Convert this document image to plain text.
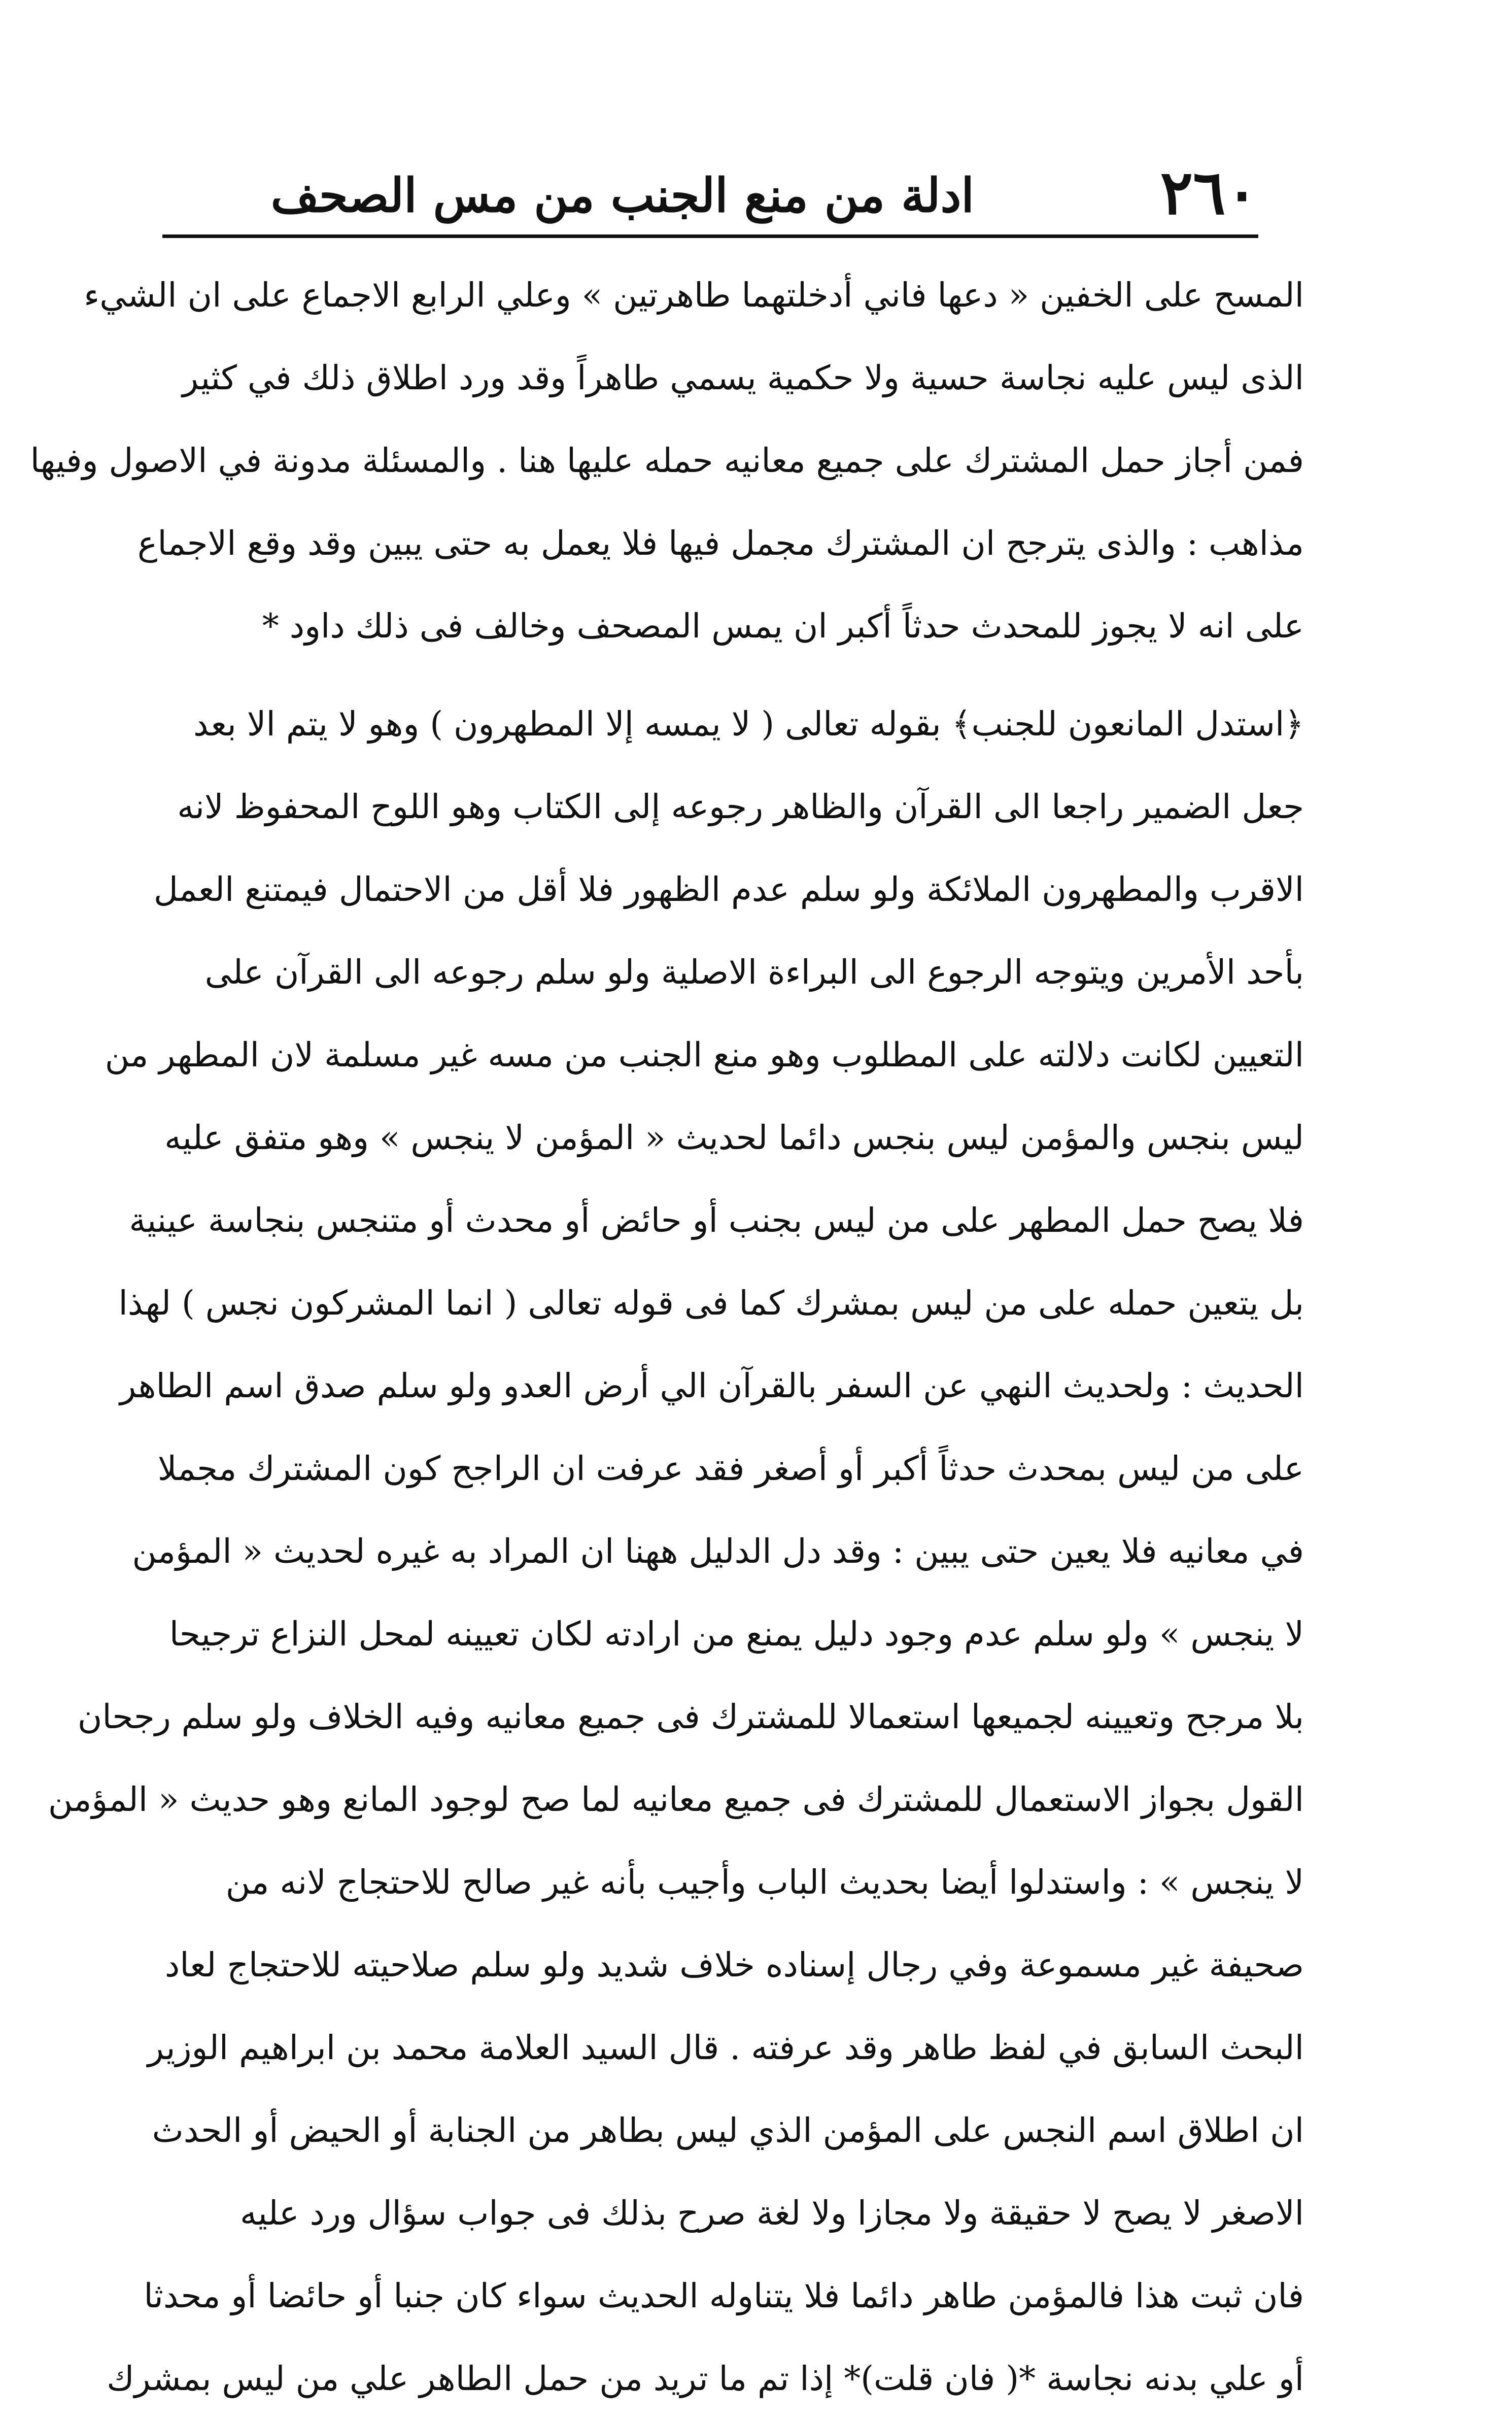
٢٦٠
ادلة من منع الجنب من مس الصحف
المسح على الخفين « دعها فاني أدخلتهما طاهرتين » وعلي الرابع الاجماع على ان الشيء
الذى ليس عليه نجاسة حسية ولا حكمية يسمي طاهراً وقد ورد اطلاق ذلك في كثير
فمن أجاز حمل المشترك على جميع معانيه حمله عليها هنا . والمسئلة مدونة في الاصول وفيها
مذاهب : والذى يترجح ان المشترك مجمل فيها فلا يعمل به حتى يبين وقد وقع الاجماع
على انه لا يجوز للمحدث حدثاً أكبر ان يمس المصحف وخالف فى ذلك داود *
﴿استدل المانعون للجنب﴾ بقوله تعالى ( لا يمسه إلا المطهرون ) وهو لا يتم الا بعد
جعل الضمير راجعا الى القرآن والظاهر رجوعه إلى الكتاب وهو اللوح المحفوظ لانه
الاقرب والمطهرون الملائكة ولو سلم عدم الظهور فلا أقل من الاحتمال فيمتنع العمل
بأحد الأمرين ويتوجه الرجوع الى البراءة الاصلية ولو سلم رجوعه الى القرآن على
التعيين لكانت دلالته على المطلوب وهو منع الجنب من مسه غير مسلمة لان المطهر من
ليس بنجس والمؤمن ليس بنجس دائما لحديث « المؤمن لا ينجس » وهو متفق عليه
فلا يصح حمل المطهر على من ليس بجنب أو حائض أو محدث أو متنجس بنجاسة عينية
بل يتعين حمله على من ليس بمشرك كما فى قوله تعالى ( انما المشركون نجس ) لهذا
الحديث : ولحديث النهي عن السفر بالقرآن الي أرض العدو ولو سلم صدق اسم الطاهر
على من ليس بمحدث حدثاً أكبر أو أصغر فقد عرفت ان الراجح كون المشترك مجملا
في معانيه فلا يعين حتى يبين : وقد دل الدليل ههنا ان المراد به غيره لحديث « المؤمن
لا ينجس » ولو سلم عدم وجود دليل يمنع من ارادته لكان تعيينه لمحل النزاع ترجيحا
بلا مرجح وتعيينه لجميعها استعمالا للمشترك فى جميع معانيه وفيه الخلاف ولو سلم رجحان
القول بجواز الاستعمال للمشترك فى جميع معانيه لما صح لوجود المانع وهو حديث « المؤمن
لا ينجس » : واستدلوا أيضا بحديث الباب وأجيب بأنه غير صالح للاحتجاج لانه من
صحيفة غير مسموعة وفي رجال إسناده خلاف شديد ولو سلم صلاحيته للاحتجاج لعاد
البحث السابق في لفظ طاهر وقد عرفته . قال السيد العلامة محمد بن ابراهيم الوزير
ان اطلاق اسم النجس على المؤمن الذي ليس بطاهر من الجنابة أو الحيض أو الحدث
الاصغر لا يصح لا حقيقة ولا مجازا ولا لغة صرح بذلك فى جواب سؤال ورد عليه
فان ثبت هذا فالمؤمن طاهر دائما فلا يتناوله الحديث سواء كان جنبا أو حائضا أو محدثا
أو علي بدنه نجاسة *( فان قلت)* إذا تم ما تريد من حمل الطاهر علي من ليس بمشرك
